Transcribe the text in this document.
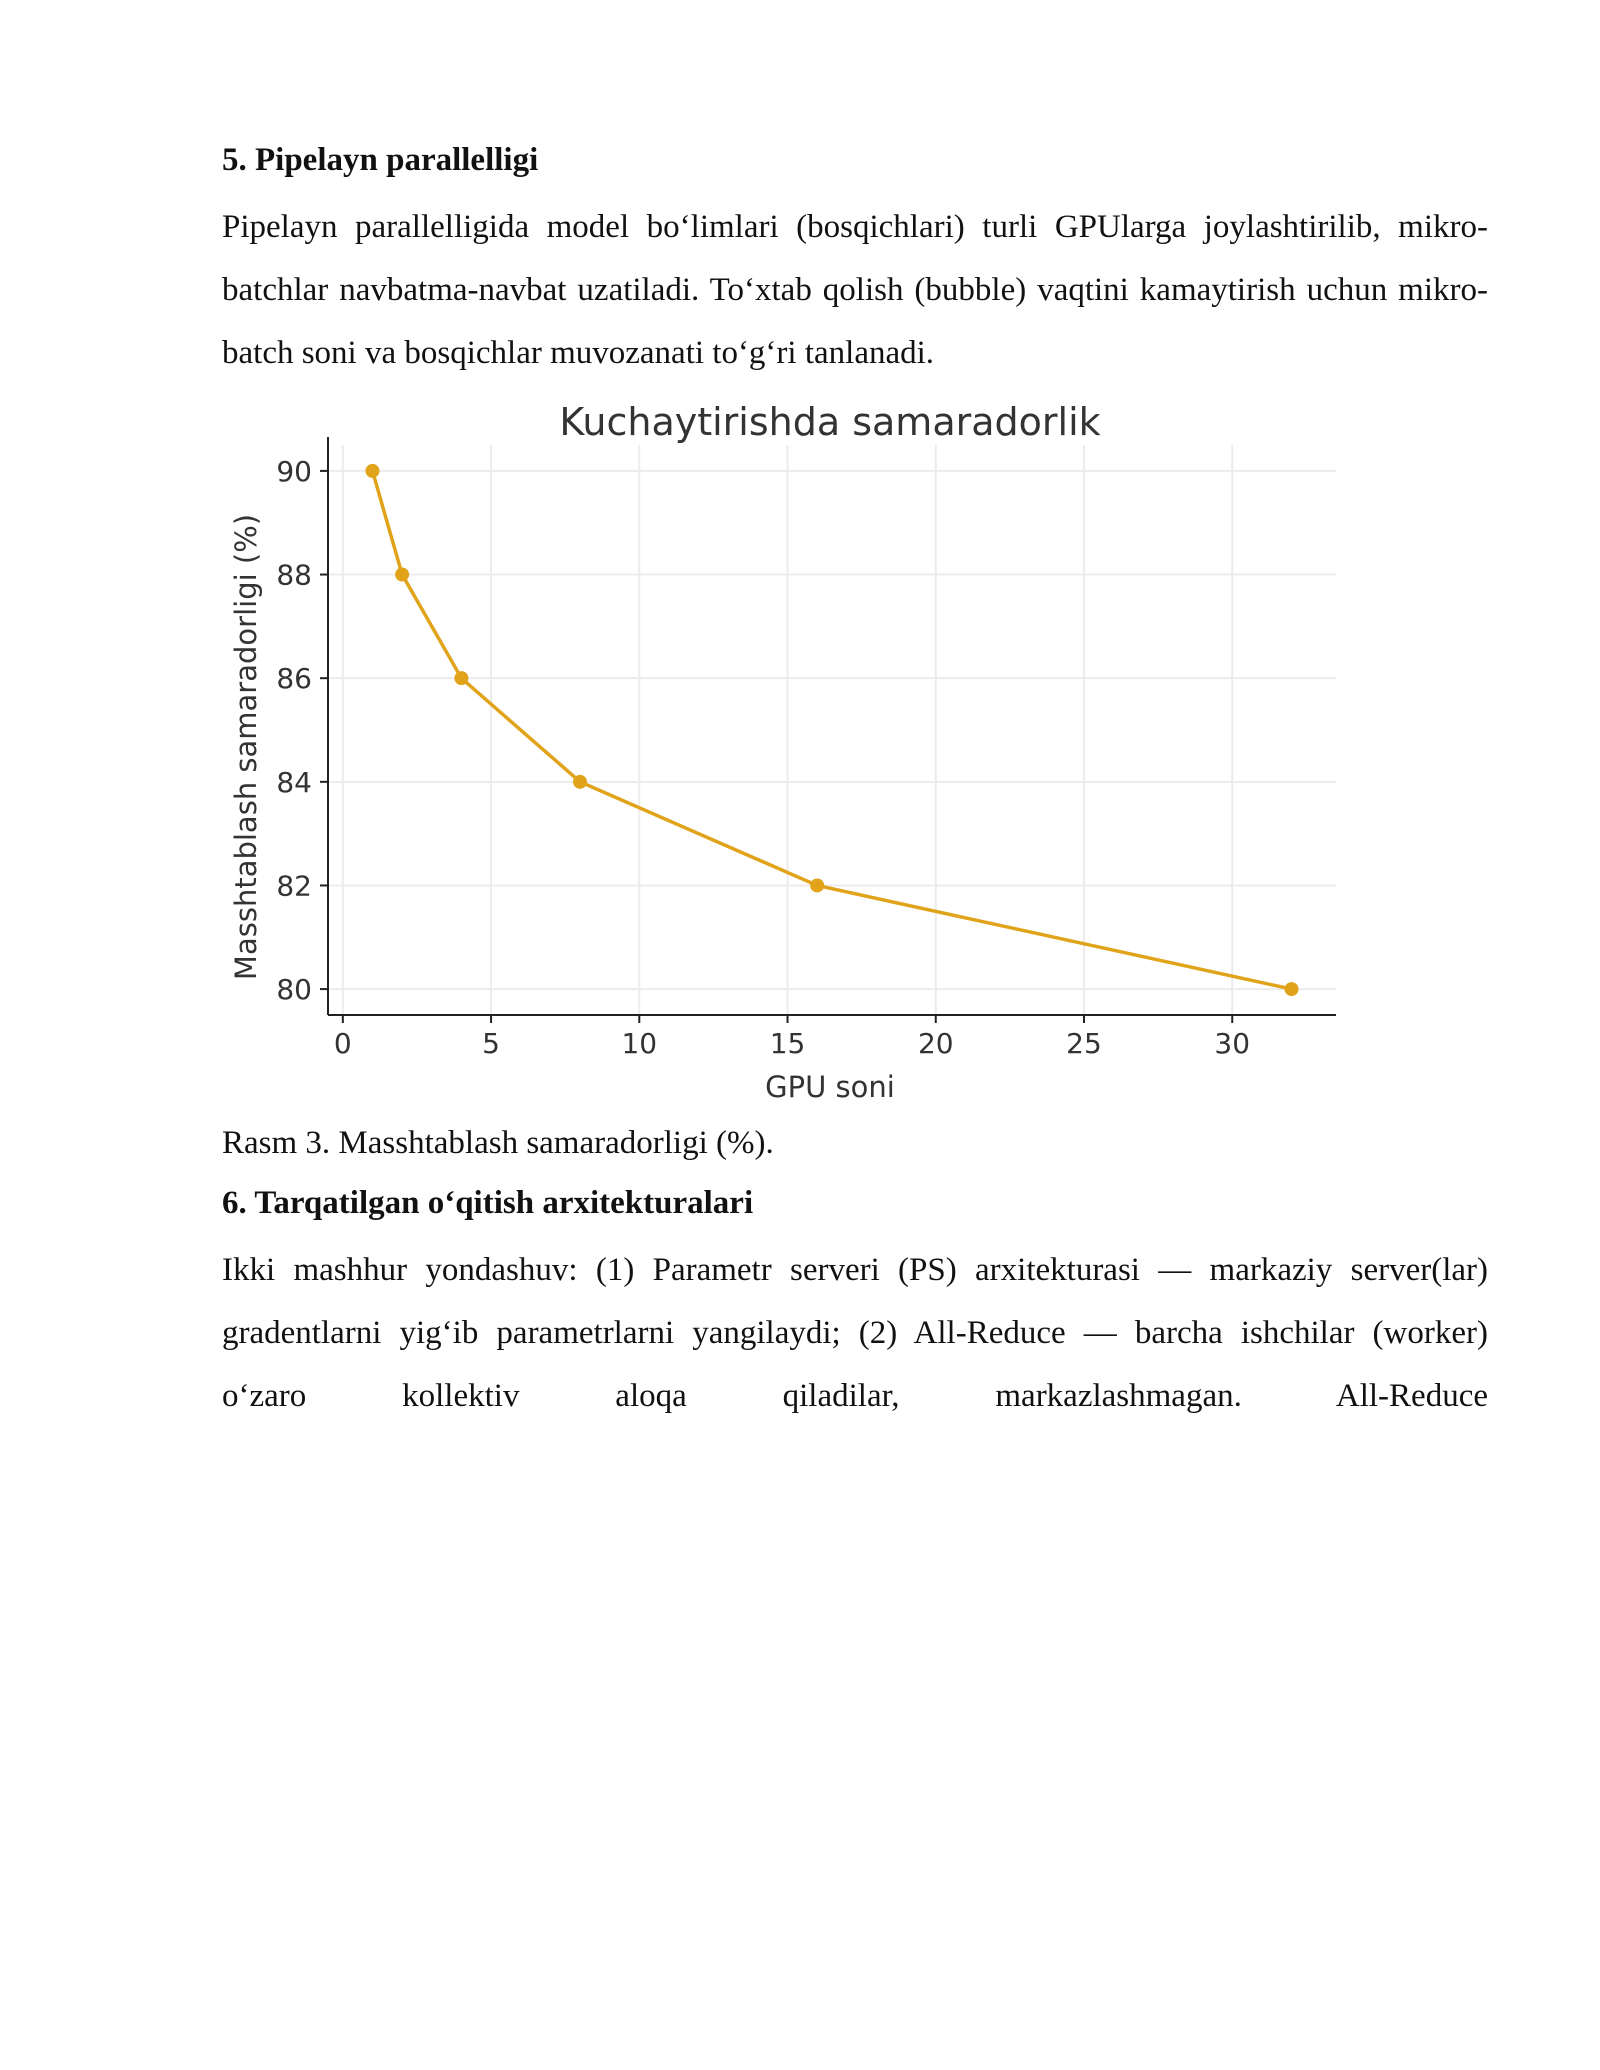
5. Pipelayn parallelligi

Pipelayn parallelligida model bo‘limlari (bosqichlari) turli GPUlarga joylashtirilib, mikro-batchlar navbatma-navbat uzatiladi. To‘xtab qolish (bubble) vaqtini kamaytirish uchun mikro-batch soni va bosqichlar muvozanati to‘g‘ri tanlanadi.

0	5	10	15	20	25	30
80
82
84
86
88
90
Kuchaytirishda samaradorlik
GPU soni
Masshtablash samaradorligi (%)
Rasm 3. Masshtablash samaradorligi (%).
6. Tarqatilgan o‘qitish arxitekturalari

Ikki mashhur yondashuv: (1) Parametr serveri (PS) arxitekturasi — markaziy server(lar) gradentlarni yig‘ib parametrlarni yangilaydi; (2) All-Reduce — barcha ishchilar (worker) o‘zaro kollektiv aloqa qiladilar, markazlashmagan. All-Reduce
